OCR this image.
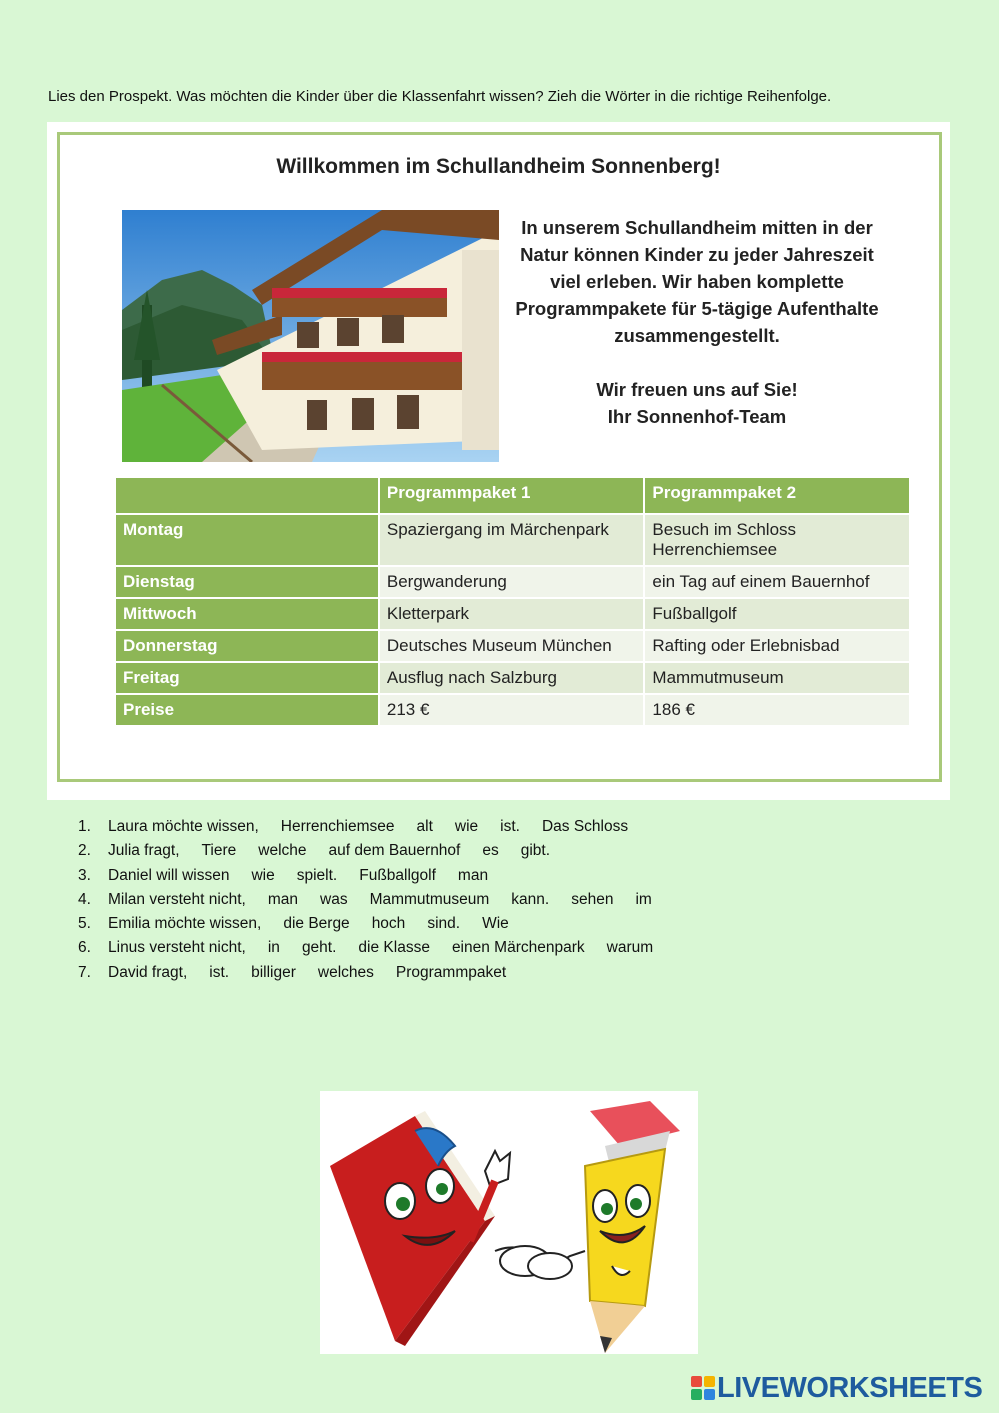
Lies den Prospekt. Was möchten die Kinder über die Klassenfahrt wissen? Zieh die Wörter in die richtige Reihenfolge.
Willkommen im Schullandheim Sonnenberg!

In unserem Schullandheim mitten in der Natur können Kinder zu jeder Jahreszeit viel erleben. Wir haben komplette Programmpakete für 5-tägige Aufenthalte zusammengestellt.

Wir freuen uns auf Sie!

Ihr Sonnenhof-Team

	Programmpaket 1	Programmpaket 2
Montag	Spaziergang im Märchenpark	Besuch im Schloss Herrenchiemsee
Dienstag	Bergwanderung	ein Tag auf einem Bauernhof
Mittwoch	Kletterpark	Fußballgolf
Donnerstag	Deutsches Museum München	Rafting oder Erlebnisbad
Freitag	Ausflug nach Salzburg	Mammutmuseum
Preise	213 €	186 €
1. Laura möchte wissen, Herrenchiemsee alt wie ist. Das Schloss
2. Julia fragt, Tiere welche auf dem Bauernhof es gibt.
3. Daniel will wissen wie spielt. Fußballgolf man
4. Milan versteht nicht, man was Mammutmuseum kann. sehen im
5. Emilia möchte wissen, die Berge hoch sind. Wie
6. Linus versteht nicht, in geht. die Klasse einen Märchenpark warum
7. David fragt, ist. billiger welches Programmpaket
LIVEWORKSHEETS
